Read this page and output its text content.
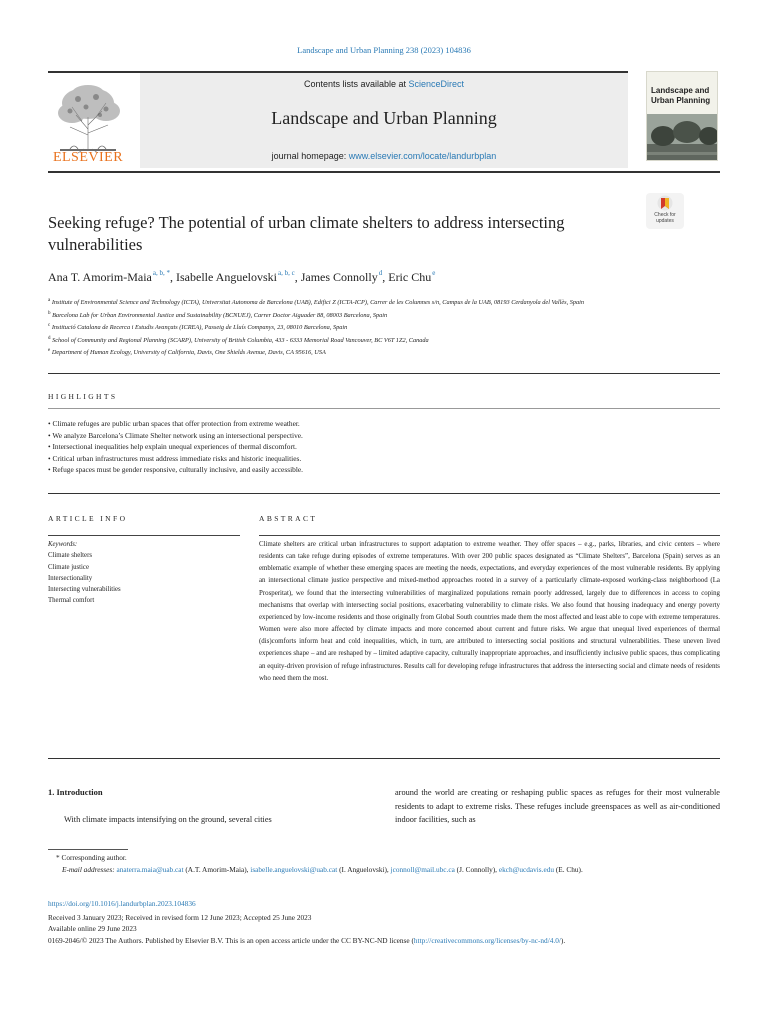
Landscape and Urban Planning 238 (2023) 104836
ELSEVIER
Contents lists available at ScienceDirect
Landscape and Urban Planning
journal homepage: www.elsevier.com/locate/landurbplan
Landscape and Urban Planning
Check for updates
Seeking refuge? The potential of urban climate shelters to address intersecting vulnerabilities
Ana T. Amorim-Maia $^{a, b, *}$, Isabelle Anguelovski $^{a, b, c}$, James Connolly $^d$, Eric Chu $^e$
$^a$ Institute of Environmental Science and Technology (ICTA), Universitat Autonoma de Barcelona (UAB), Edifici Z (ICTA-ICP), Carrer de les Columnes s/n, Campus de la UAB, 08193 Cerdanyola del Vallès, Spain
$^b$ Barcelona Lab for Urban Environmental Justice and Sustainability (BCNUEJ), Carrer Doctor Aiguader 88, 08003 Barcelona, Spain
$^c$ Institució Catalana de Recerca i Estudis Avançats (ICREA), Passeig de Lluís Companys, 23, 08010 Barcelona, Spain
$^d$ School of Community and Regional Planning (SCARP), University of British Columbia, 433 - 6333 Memorial Road Vancouver, BC V6T 1Z2, Canada
$^e$ Department of Human Ecology, University of California, Davis, One Shields Avenue, Davis, CA 95616, USA
HIGHLIGHTS
• Climate refuges are public urban spaces that offer protection from extreme weather.
• We analyze Barcelona’s Climate Shelter network using an intersectional perspective.
• Intersectional inequalities help explain unequal experiences of thermal discomfort.
• Critical urban infrastructures must address immediate risks and historic inequalities.
• Refuge spaces must be gender responsive, culturally inclusive, and easily accessible.
ARTICLE INFO
Keywords:
Climate shelters
Climate justice
Intersectionality
Intersecting vulnerabilities
Thermal comfort
ABSTRACT
Climate shelters are critical urban infrastructures to support adaptation to extreme weather. They offer spaces – e.g., parks, libraries, and civic centers – where residents can take refuge during episodes of extreme temperatures. With over 200 public spaces designated as “Climate Shelters”, Barcelona (Spain) serves as an emblematic example of whether these emerging spaces are meeting the needs, expectations, and everyday experiences of the most vulnerable residents. By applying an intersectional climate justice perspective and mixed-method approaches rooted in a survey of a particularly climate-exposed working-class neighborhood (La Prosperitat), we found that the intersecting vulnerabilities of marginalized populations remain poorly addressed, largely due to differences in access to coping mechanisms that overlap with intersecting social positions, exacerbating vulnerability to climate risks. We also found that housing inadequacy and energy poverty experienced by low-income residents and those originally from Global South countries made them the most affected and least able to cope with extreme temperatures. Women were also more affected by climate impacts and more concerned about current and future risks. We argue that unequal lived experiences of thermal (dis)comforts inform heat and cold inequalities, which, in turn, are attributed to intersecting social positions and structural vulnerabilities. These uneven lived experiences shape – and are reshaped by – limited adaptive capacity, culturally inappropriate approaches, and insufficiently inclusive public spaces, thus complicating an equity-driven provision of refuge infrastructures. Results call for developing refuge infrastructures that address the intersecting social and climate needs of residents who need them the most.
1. Introduction
With climate impacts intensifying on the ground, several cities
around the world are creating or reshaping public spaces as refuges for their most vulnerable residents to adapt to extreme risks. These refuges include greenspaces as well as air-conditioned indoor facilities, such as

* Corresponding author.

E-mail addresses: anaterra.maia@uab.cat (A.T. Amorim-Maia), isabelle.anguelovski@uab.cat (I. Anguelovski), jconnoll@mail.ubc.ca (J. Connolly), ekch@ucdavis.edu (E. Chu).

https://doi.org/10.1016/j.landurbplan.2023.104836
Received 3 January 2023; Received in revised form 12 June 2023; Accepted 25 June 2023
Available online 29 June 2023
0169-2046/© 2023 The Authors. Published by Elsevier B.V. This is an open access article under the CC BY-NC-ND license (http://creativecommons.org/licenses/by-nc-nd/4.0/).
